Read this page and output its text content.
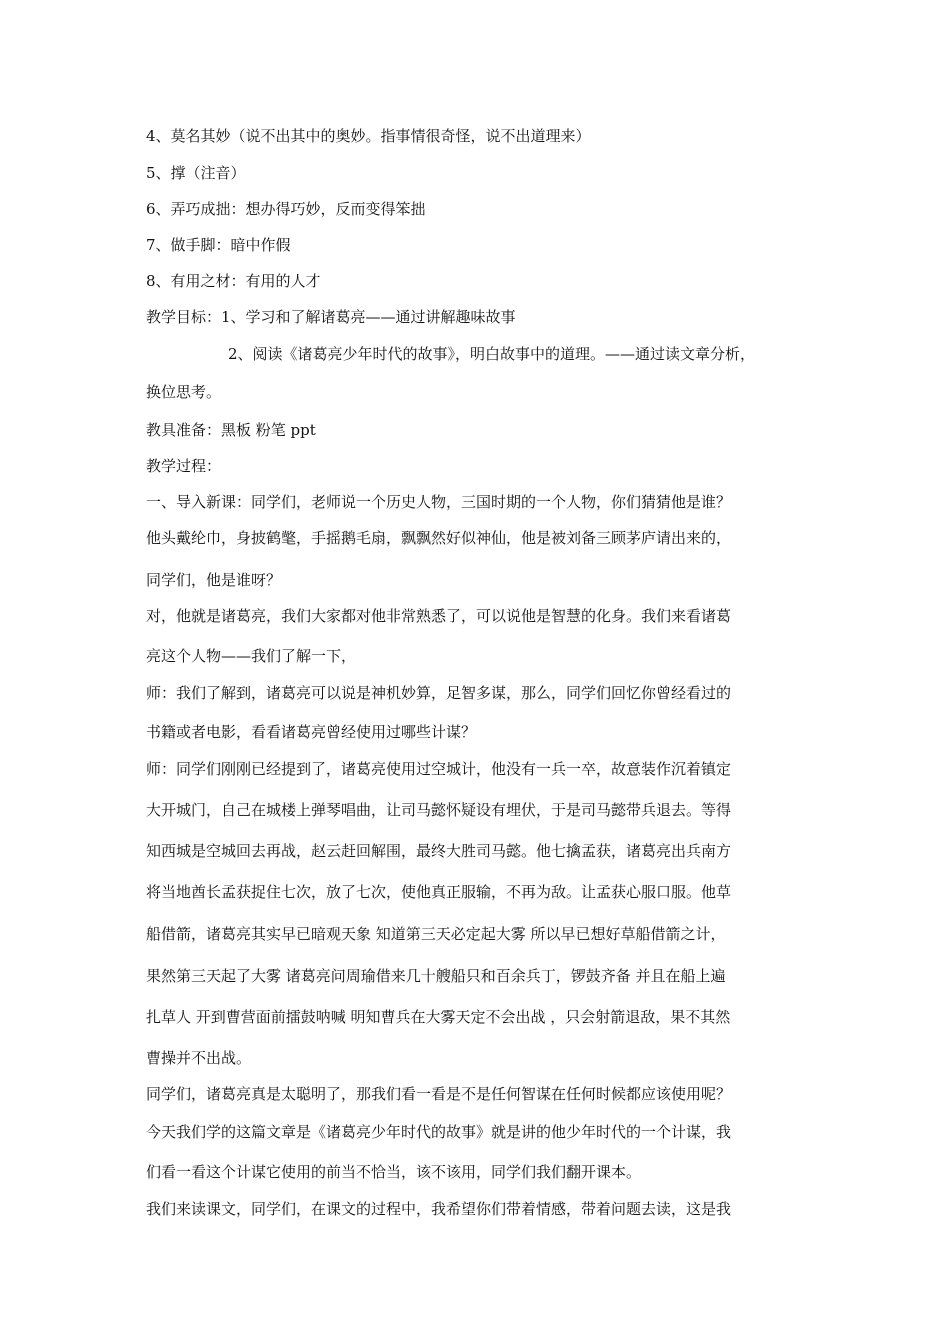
4、莫名其妙（说不出其中的奥妙。指事情很奇怪，说不出道理来）
5、撑（注音）
6、弄巧成拙：想办得巧妙，反而变得笨拙
7、做手脚：暗中作假
8、有用之材：有用的人才
教学目标：1、学习和了解诸葛亮——通过讲解趣味故事
2、阅读《诸葛亮少年时代的故事》，明白故事中的道理。——通过读文章分析，
换位思考。
教具准备：黑板 粉笔 ppt
教学过程：
一、导入新课：同学们，老师说一个历史人物，三国时期的一个人物，你们猜猜他是谁？
他头戴纶巾，身披鹤氅，手摇鹅毛扇，飘飘然好似神仙，他是被刘备三顾茅庐请出来的，
同学们，他是谁呀？
对，他就是诸葛亮，我们大家都对他非常熟悉了，可以说他是智慧的化身。我们来看诸葛
亮这个人物——我们了解一下，
师：我们了解到，诸葛亮可以说是神机妙算，足智多谋，那么，同学们回忆你曾经看过的
书籍或者电影，看看诸葛亮曾经使用过哪些计谋？
师：同学们刚刚已经提到了，诸葛亮使用过空城计，他没有一兵一卒，故意装作沉着镇定
大开城门，自己在城楼上弹琴唱曲，让司马懿怀疑设有埋伏，于是司马懿带兵退去。等得
知西城是空城回去再战，赵云赶回解围，最终大胜司马懿。他七擒孟获，诸葛亮出兵南方
将当地酋长孟获捉住七次，放了七次，使他真正服输，不再为敌。让孟获心服口服。他草
船借箭，诸葛亮其实早已暗观天象 知道第三天必定起大雾 所以早已想好草船借箭之计，
果然第三天起了大雾 诸葛亮问周瑜借来几十艘船只和百余兵丁，锣鼓齐备 并且在船上遍
扎草人 开到曹营面前擂鼓呐喊 明知曹兵在大雾天定不会出战 ，只会射箭退敌，果不其然
曹操并不出战。
同学们，诸葛亮真是太聪明了，那我们看一看是不是任何智谋在任何时候都应该使用呢？
今天我们学的这篇文章是《诸葛亮少年时代的故事》就是讲的他少年时代的一个计谋，我
们看一看这个计谋它使用的前当不恰当，该不该用，同学们我们翻开课本。
我们来读课文，同学们，在课文的过程中，我希望你们带着情感，带着问题去读，这是我
